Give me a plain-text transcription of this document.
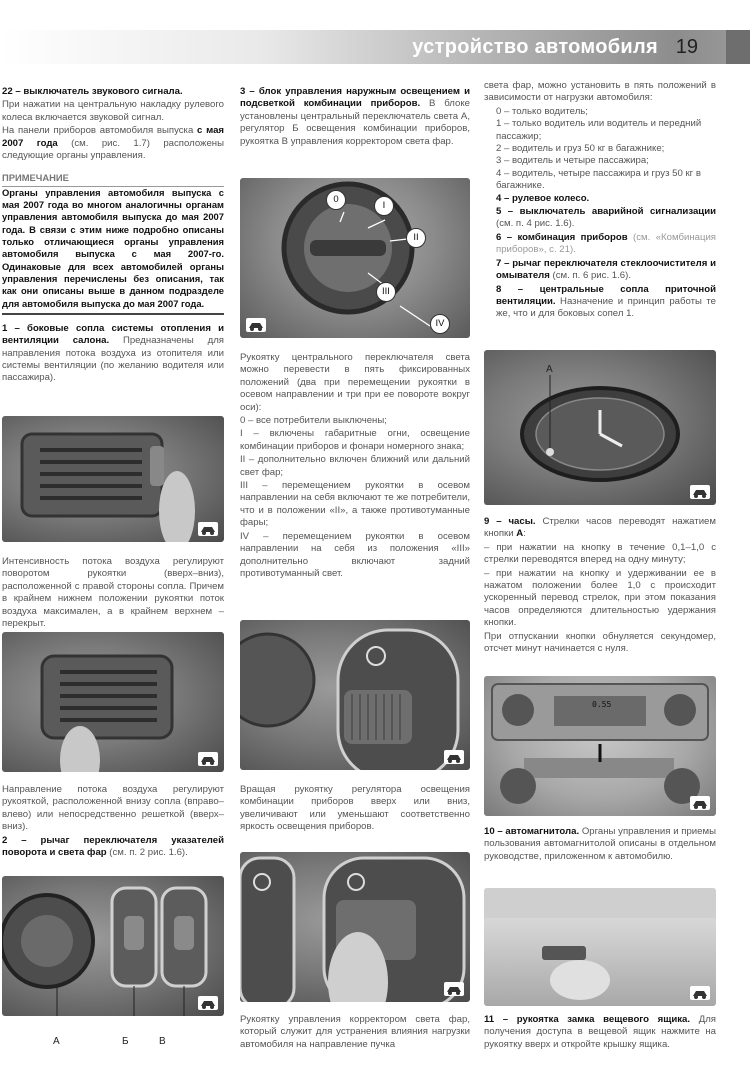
устройство автомобиля 19

22 – выключатель звукового сигнала.

При нажатии на центральную накладку рулевого колеса включается звуковой сигнал.

На панели приборов автомобиля выпуска с мая 2007 года (см. рис. 1.7) расположены следующие органы управления.

ПРИМЕЧАНИЕ

Органы управления автомобиля выпуска с мая 2007 года во многом аналогичны органам управления автомобиля выпуска до мая 2007 года. В связи с этим ниже подробно описаны только отличающиеся органы управления автомобиля выпуска с мая 2007-го. Одинаковые для всех автомобилей органы управления перечислены без описания, так как они описаны выше в данном подразделе для автомобиля выпуска до мая 2007 года.

1 – боковые сопла системы отопления и вентиляции салона. Предназначены для направления потока воздуха из отопителя или системы вентиляции (по желанию водителя или пассажира).

Интенсивность потока воздуха регулируют поворотом рукоятки (вверх–вниз), расположенной с правой стороны сопла. Причем в крайнем нижнем положении рукоятки поток воздуха максимален, а в крайнем верхнем – перекрыт.

Направление потока воздуха регулируют рукояткой, расположенной внизу сопла (вправо–влево) или непосредственно решеткой (вверх–вниз).

2 – рычаг переключателя указателей поворота и света фар (см. п. 2 рис. 1.6).

А	Б	В

3 – блок управления наружным освещением и подсветкой комбинации приборов. В блоке установлены центральный переключатель света А, регулятор Б освещения комбинации приборов, рукоятка В управления корректором света фар.

0
I
II
III
IV

Рукоятку центрального переключателя света можно перевести в пять фиксированных положений (два при перемещении рукоятки в осевом направлении и три при ее повороте вокруг оси):

0 – все потребители выключены;

I – включены габаритные огни, освещение комбинации приборов и фонари номерного знака;

II – дополнительно включен ближний или дальний свет фар;

III – перемещением рукоятки в осевом направлении на себя включают те же потребители, что и в положении «II», а также противотуманные фары;

IV – перемещением рукоятки в осевом направлении на себя из положения «III» дополнительно включают задний противотуманный свет.

Вращая рукоятку регулятора освещения комбинации приборов вверх или вниз, увеличивают или уменьшают соответственно яркость освещения приборов.

Рукоятку управления корректором света фар, который служит для устранения влияния нагрузки автомобиля на направление пучка

света фар, можно установить в пять положений в зависимости от нагрузки автомобиля:

0 – только водитель;

1 – только водитель или водитель и передний пассажир;

2 – водитель и груз 50 кг в багажнике;

3 – водитель и четыре пассажира;

4 – водитель, четыре пассажира и груз 50 кг в багажнике.

4 – рулевое колесо.

5 – выключатель аварийной сигнализации (см. п. 4 рис. 1.6).

6 – комбинация приборов (см. «Комбинация приборов», с. 21).

7 – рычаг переключателя стеклоочистителя и омывателя (см. п. 6 рис. 1.6).

8 – центральные сопла приточной вентиляции. Назначение и принцип работы те же, что и для боковых сопел 1.

А

9 – часы. Стрелки часов переводят нажатием кнопки А:

– при нажатии на кнопку в течение 0,1–1,0 с стрелки переводятся вперед на одну минуту;

– при нажатии на кнопку и удерживании ее в нажатом положении более 1,0 с происходит ускоренный перевод стрелок, при этом показания часов определяются длительностью удержания кнопки.

При отпускании кнопки обнуляется секундомер, отсчет минут начинается с нуля.

0.55

10 – автомагнитола. Органы управления и приемы пользования автомагнитолой описаны в отдельном руководстве, приложенном к автомобилю.

11 – рукоятка замка вещевого ящика. Для получения доступа в вещевой ящик нажмите на рукоятку вверх и откройте крышку ящика.
